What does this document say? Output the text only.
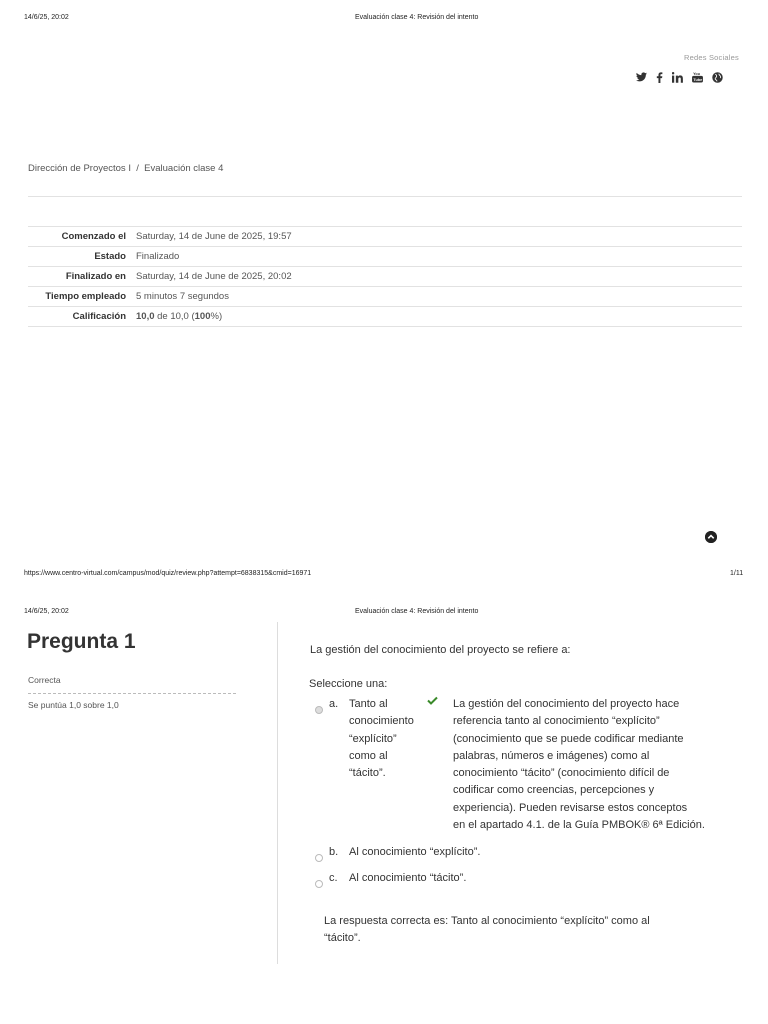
14/6/25, 20:02	Evaluación clase 4: Revisión del intento
Redes Sociales
You
Tube
Dirección de Proyectos I / Evaluación clase 4
Comenzado el	Saturday, 14 de June de 2025, 19:57
Estado	Finalizado
Finalizado en	Saturday, 14 de June de 2025, 20:02
Tiempo empleado	5 minutos 7 segundos
Calificación	10,0 de 10,0 (100%)
https://www.centro-virtual.com/campus/mod/quiz/review.php?attempt=6838315&cmid=16971	1/11
14/6/25, 20:02	Evaluación clase 4: Revisión del intento
Pregunta 1
Correcta
Se puntúa 1,0 sobre 1,0
La gestión del conocimiento del proyecto se refiere a:
Seleccione una:
a. Tanto al
conocimiento
“explícito”
como al
“tácito”.
La gestión del conocimiento del proyecto hace
referencia tanto al conocimiento “explícito”
(conocimiento que se puede codificar mediante
palabras, números e imágenes) como al
conocimiento “tácito” (conocimiento difícil de
codificar como creencias, percepciones y
experiencia). Pueden revisarse estos conceptos
en el apartado 4.1. de la Guía PMBOK® 6ª Edición.
b. Al conocimiento “explícito”.
c. Al conocimiento “tácito”.
La respuesta correcta es: Tanto al conocimiento “explícito” como al
“tácito”.
